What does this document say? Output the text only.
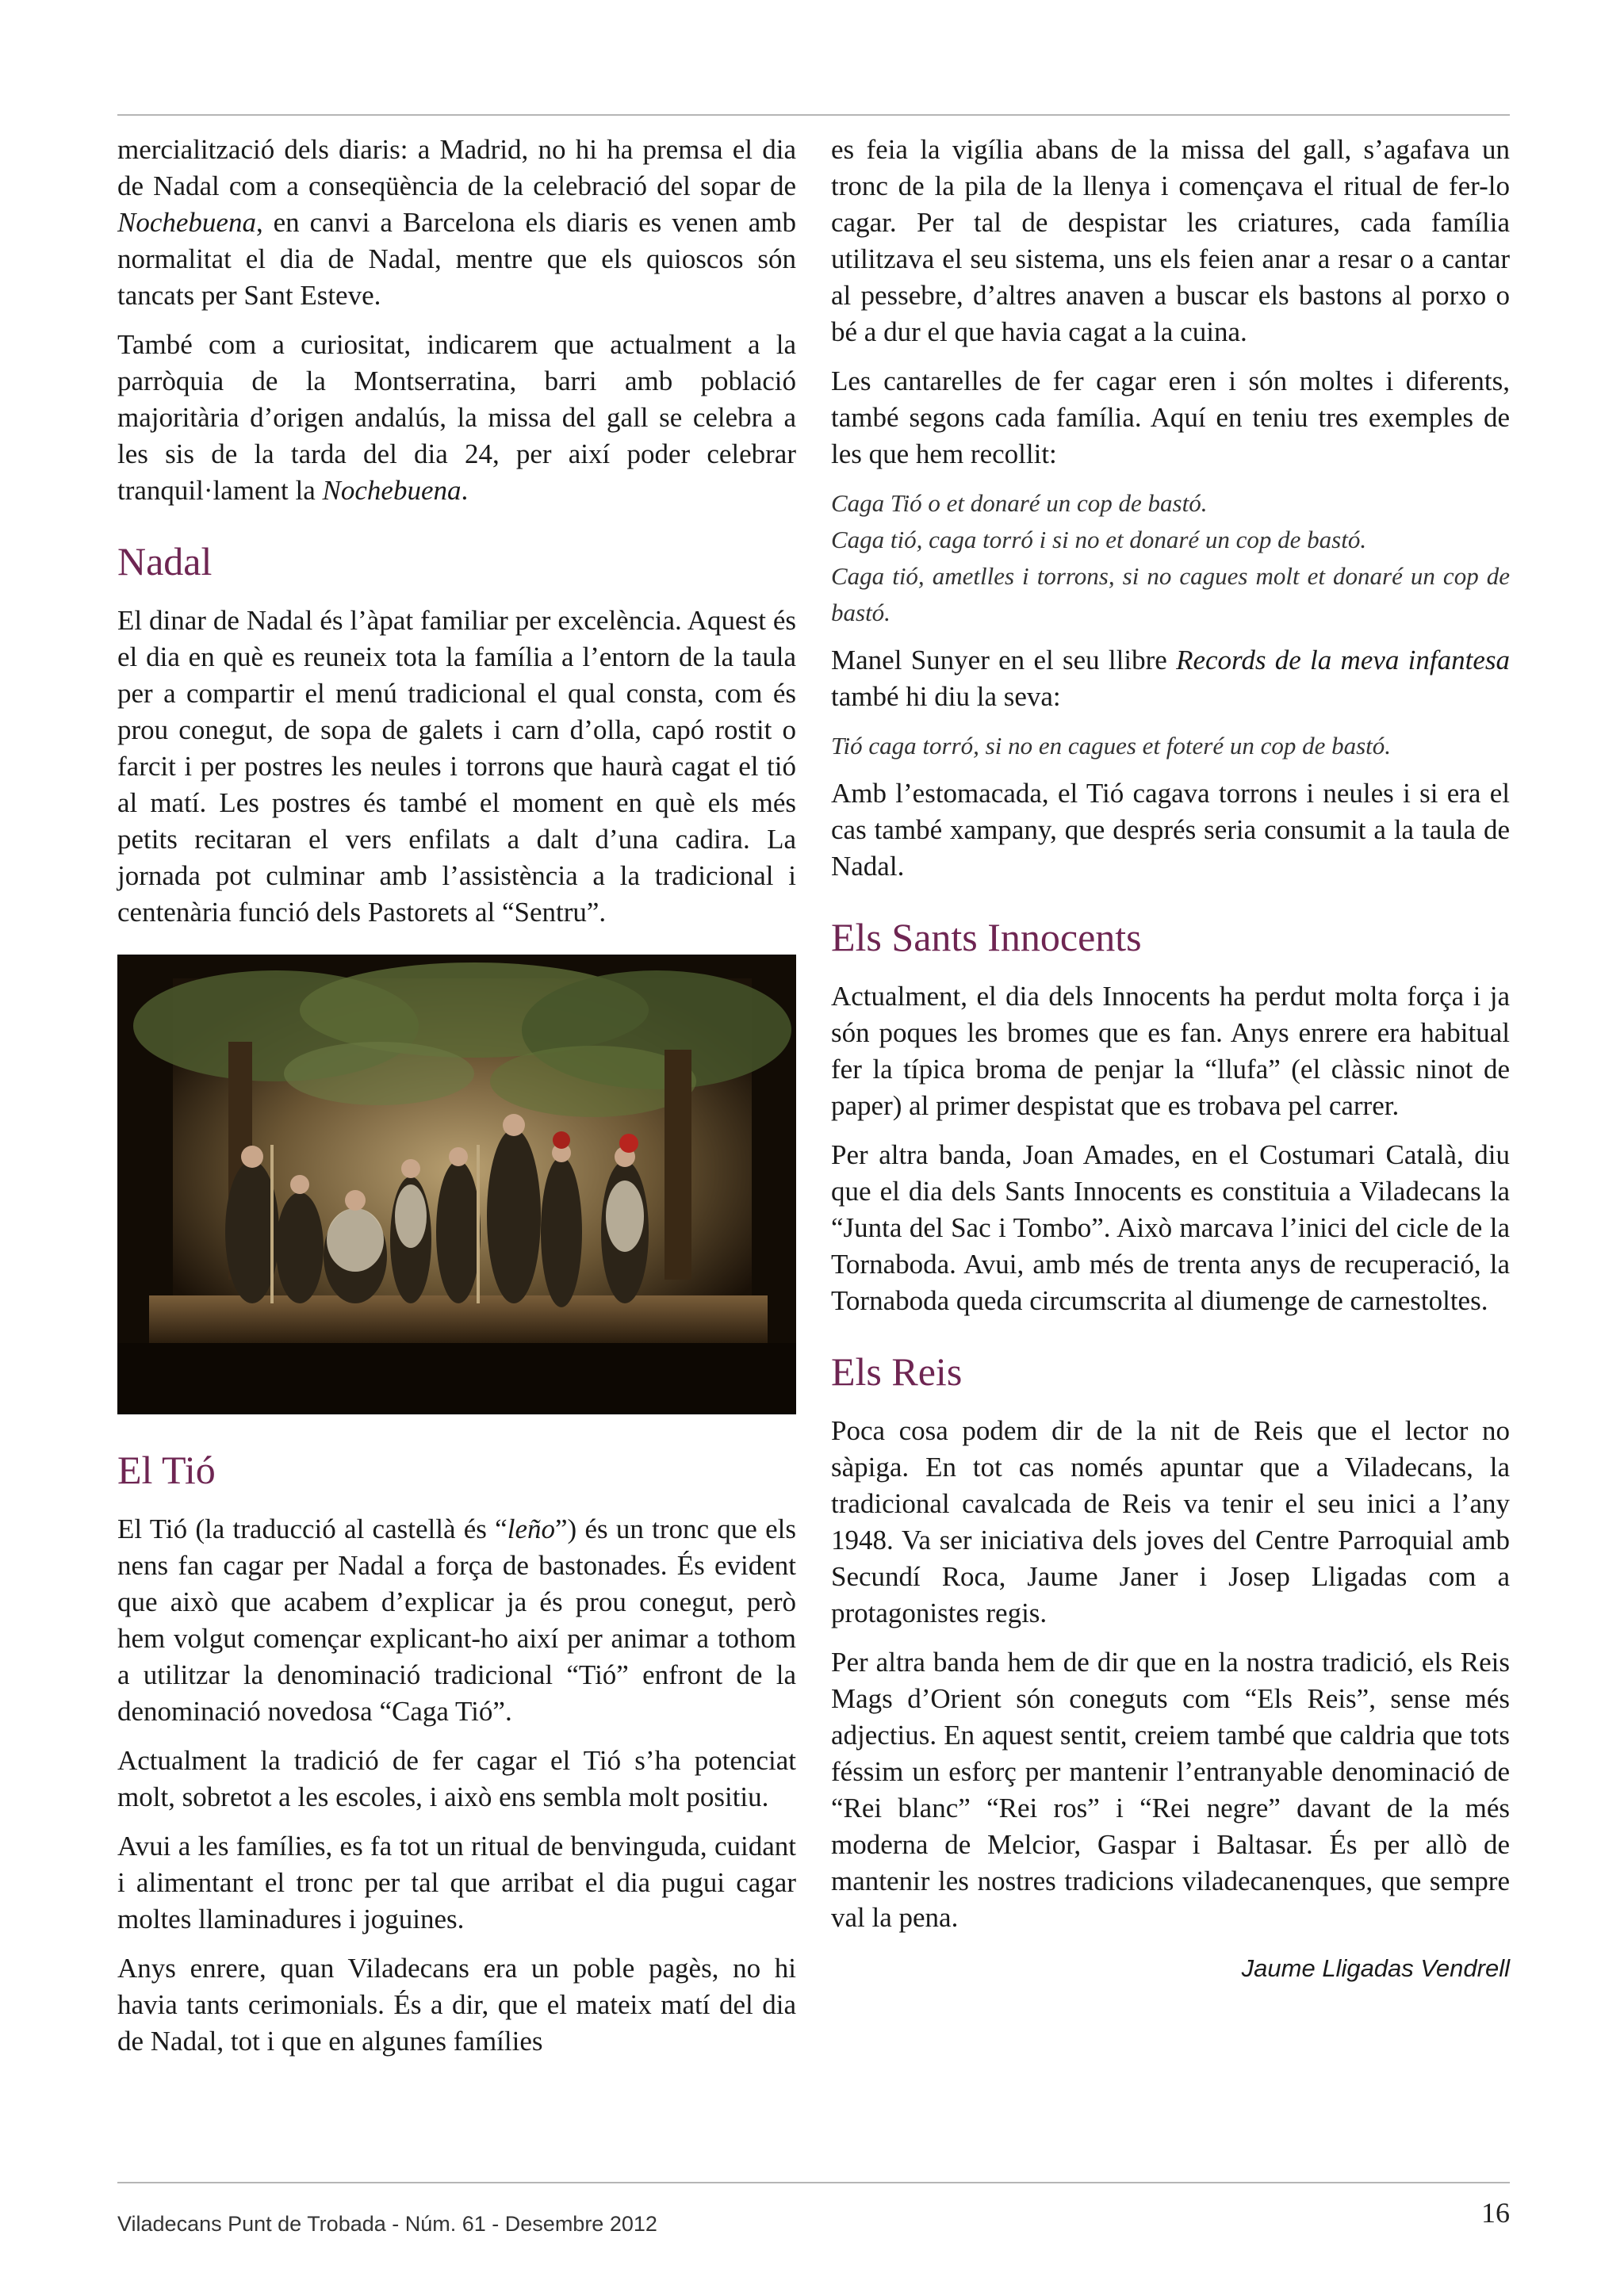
mercialització dels diaris: a Madrid, no hi ha premsa el dia de Nadal com a conseqüència de la celebració del sopar de Nochebuena, en canvi a Barcelona els diaris es venen amb normalitat el dia de Nadal, mentre que els quioscos són tancats per Sant Esteve.

També com a curiositat, indicarem que actualment a la parròquia de la Montserratina, barri amb població majoritària d’origen andalús, la missa del gall se celebra a les sis de la tarda del dia 24, per així poder celebrar tranquil·lament la Nochebuena.

Nadal

El dinar de Nadal és l’àpat familiar per excelència. Aquest és el dia en què es reuneix tota la família a l’entorn de la taula per a compartir el menú tradicional el qual consta, com és prou conegut, de sopa de galets i carn d’olla, capó rostit o farcit i per postres les neules i torrons que haurà cagat el tió al matí. Les postres és també el moment en què els més petits recitaran el vers enfilats a dalt d’una cadira. La jornada pot culminar amb l’assistència a la tradicional i centenària funció dels Pastorets al “Sentru”.

El Tió

El Tió (la traducció al castellà és “leño”) és un tronc que els nens fan cagar per Nadal a força de bastonades. És evident que això que acabem d’explicar ja és prou conegut, però hem volgut començar explicant-ho així per animar a tothom a utilitzar la denominació tradicional “Tió” enfront de la denominació novedosa “Caga Tió”.

Actualment la tradició de fer cagar el Tió s’ha potenciat molt, sobretot a les escoles, i això ens sembla molt positiu.

Avui a les famílies, es fa tot un ritual de benvinguda, cuidant i alimentant el tronc per tal que arribat el dia pugui cagar moltes llaminadures i joguines.

Anys enrere, quan Viladecans era un poble pagès, no hi havia tants cerimonials. És a dir, que el mateix matí del dia de Nadal, tot i que en algunes famílies

es feia la vigília abans de la missa del gall, s’agafava un tronc de la pila de la llenya i començava el ritual de fer-lo cagar. Per tal de despistar les criatures, cada família utilitzava el seu sistema, uns els feien anar a resar o a cantar al pessebre, d’altres anaven a buscar els bastons al porxo o bé a dur el que havia cagat a la cuina.

Les cantarelles de fer cagar eren i són moltes i diferents, també segons cada família. Aquí en teniu tres exemples de les que hem recollit:

Caga Tió o et donaré un cop de bastó.

Caga tió, caga torró i si no et donaré un cop de bastó.

Caga tió, ametlles i torrons, si no cagues molt et donaré un cop de bastó.

Manel Sunyer en el seu llibre Records de la meva infantesa també hi diu la seva:

Tió caga torró, si no en cagues et foteré un cop de bastó.

Amb l’estomacada, el Tió cagava torrons i neules i si era el cas també xampany, que després seria consumit a la taula de Nadal.

Els Sants Innocents

Actualment, el dia dels Innocents ha perdut molta força i ja són poques les bromes que es fan. Anys enrere era habitual fer la típica broma de penjar la “llufa” (el clàssic ninot de paper) al primer despistat que es trobava pel carrer.

Per altra banda, Joan Amades, en el Costumari Català, diu que el dia dels Sants Innocents es constituia a Viladecans la “Junta del Sac i Tombo”. Això marcava l’inici del cicle de la Tornaboda. Avui, amb més de trenta anys de recuperació, la Tornaboda queda circumscrita al diumenge de carnestoltes.

Els Reis

Poca cosa podem dir de la nit de Reis que el lector no sàpiga. En tot cas només apuntar que a Viladecans, la tradicional cavalcada de Reis va tenir el seu inici a l’any 1948. Va ser iniciativa dels joves del Centre Parroquial amb Secundí Roca, Jaume Janer i Josep Lligadas com a protagonistes regis.

Per altra banda hem de dir que en la nostra tradició, els Reis Mags d’Orient són coneguts com “Els Reis”, sense més adjectius. En aquest sentit, creiem també que caldria que tots féssim un esforç per mantenir l’entranyable denominació de “Rei blanc” “Rei ros” i “Rei negre” davant de la més moderna de Melcior, Gaspar i Baltasar. És per allò de mantenir les nostres tradicions viladecanenques, que sempre val la pena.

Jaume Lligadas Vendrell
Viladecans Punt de Trobada - Núm. 61 - Desembre 2012	16
